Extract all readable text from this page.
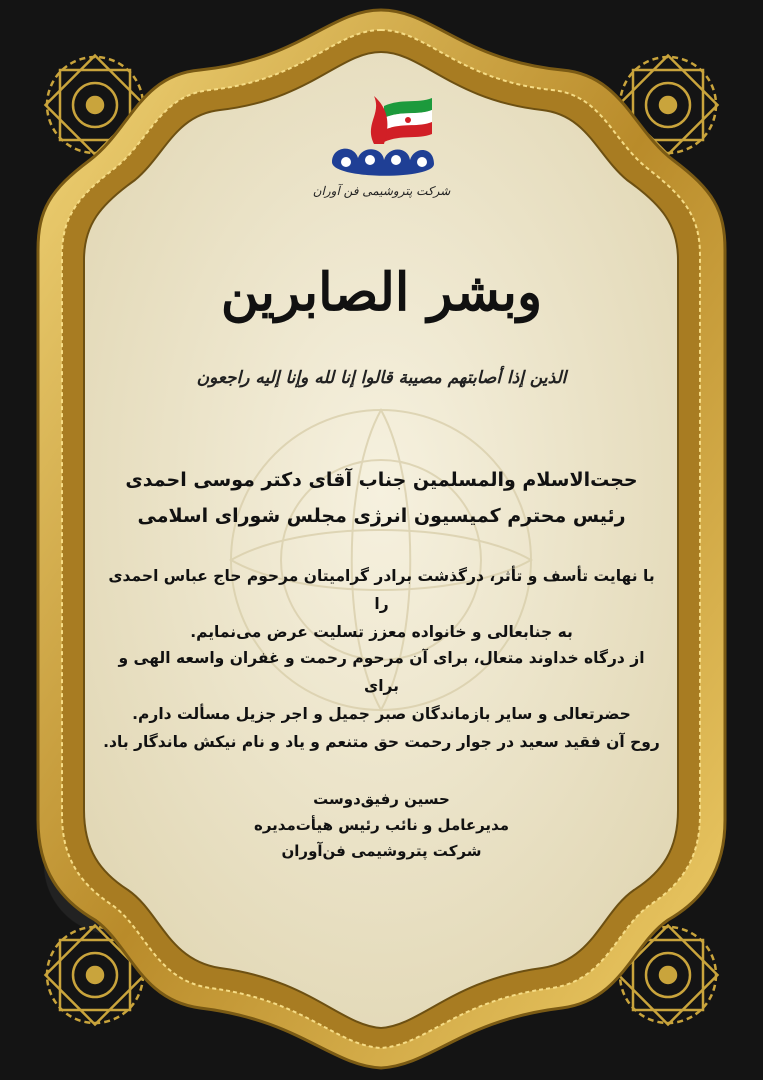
شرکت پتروشیمی فن آوران
وبشر الصابرین
الذین إذا أصابتهم مصیبة قالوا إنا لله وإنا إلیه راجعون
حجت‌الاسلام والمسلمین جناب آقای دکتر موسی احمدی
رئیس محترم کمیسیون انرژی مجلس شورای اسلامی
با نهایت تأسف و تأثر، درگذشت برادر گرامیتان مرحوم حاج عباس احمدی را
به جنابعالی و خانواده معزز تسلیت عرض می‌نمایم.
از درگاه خداوند متعال، برای آن مرحوم رحمت و غفران واسعه الهی و برای
حضرتعالی و سایر بازماندگان صبر جمیل و اجر جزیل مسألت دارم.
روح آن فقید سعید در جوار رحمت حق متنعم و یاد و نام نیکش ماندگار باد.
حسین رفیق‌دوست
مدیرعامل و نائب رئیس هیأت‌مدیره
شرکت پتروشیمی فن‌آوران
